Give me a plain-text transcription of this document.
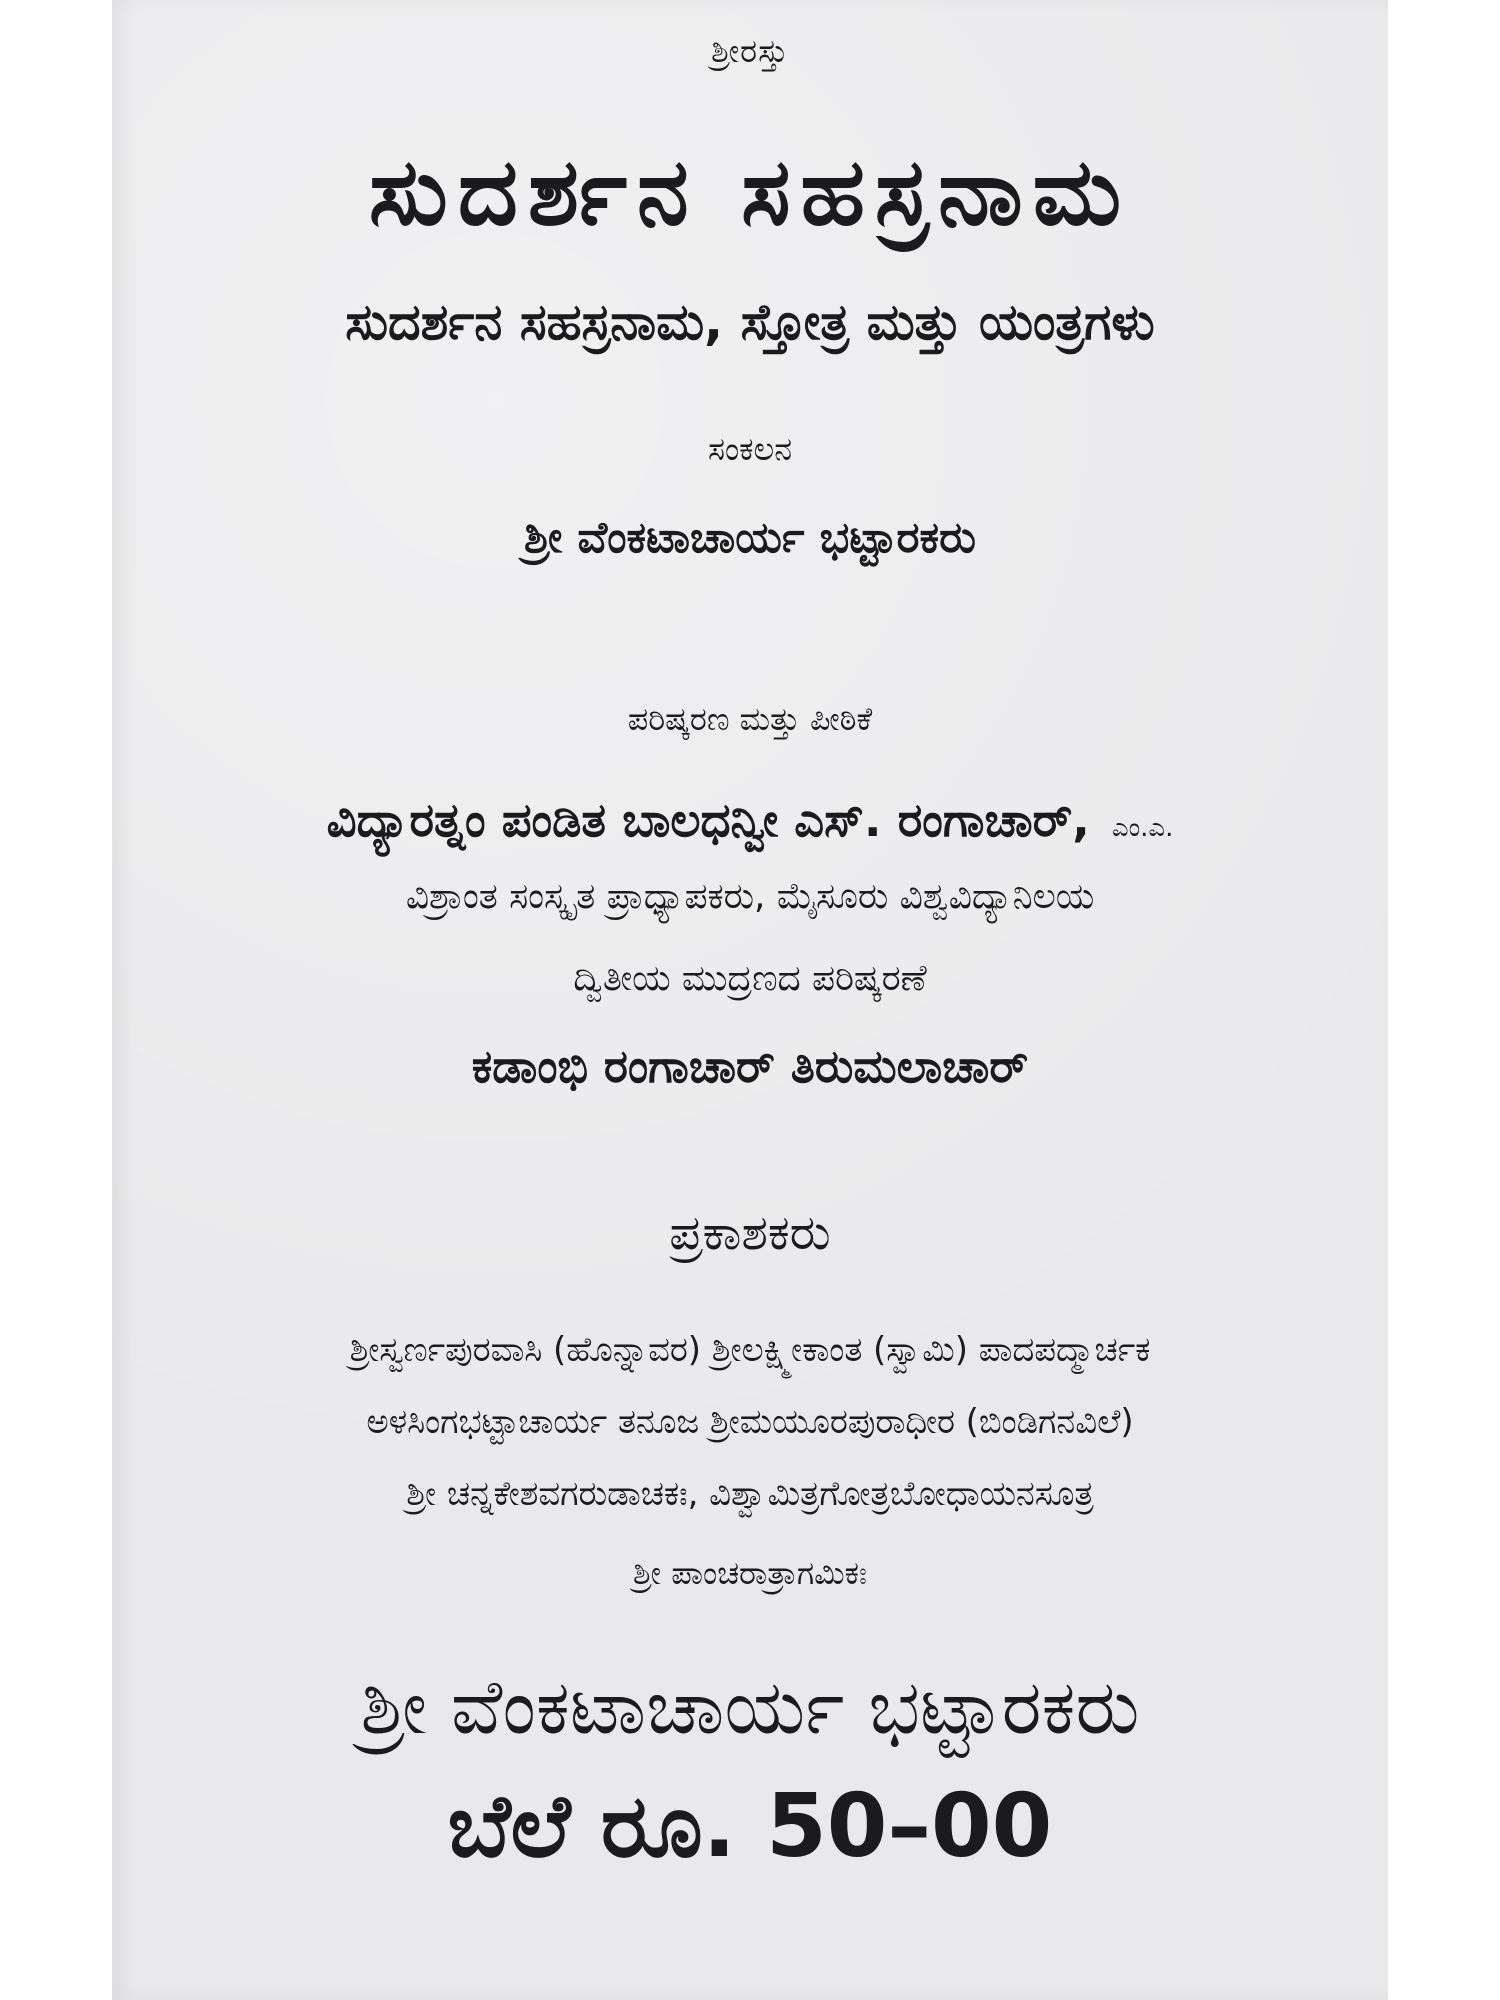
ಶ್ರೀರಸ್ತು
ಸುದರ್ಶನ ಸಹಸ್ರನಾಮ
ಸುದರ್ಶನ ಸಹಸ್ರನಾಮ, ಸ್ತೋತ್ರ ಮತ್ತು ಯಂತ್ರಗಳು
ಸಂಕಲನ
ಶ್ರೀ ವೆಂಕಟಾಚಾರ್ಯ ಭಟ್ಟಾರಕರು
ಪರಿಷ್ಕರಣ ಮತ್ತು ಪೀಠಿಕೆ
ವಿದ್ಯಾರತ್ನಂ ಪಂಡಿತ ಬಾಲಧನ್ವೀ ಎಸ್. ರಂಗಾಚಾರ್, ಎಂ.ಎ.
ವಿಶ್ರಾಂತ ಸಂಸ್ಕೃತ ಪ್ರಾಧ್ಯಾಪಕರು, ಮೈಸೂರು ವಿಶ್ವವಿದ್ಯಾನಿಲಯ
ದ್ವಿತೀಯ ಮುದ್ರಣದ ಪರಿಷ್ಕರಣೆ
ಕಡಾಂಭಿ ರಂಗಾಚಾರ್ ತಿರುಮಲಾಚಾರ್
ಪ್ರಕಾಶಕರು
ಶ್ರೀಸ್ವರ್ಣಪುರವಾಸಿ (ಹೊನ್ನಾವರ) ಶ್ರೀಲಕ್ಷ್ಮೀಕಾಂತ (ಸ್ವಾಮಿ) ಪಾದಪದ್ಮಾರ್ಚಕ
ಅಳಸಿಂಗಭಟ್ಟಾಚಾರ್ಯ ತನೂಜ ಶ್ರೀಮಯೂರಪುರಾಧೀರ (ಬಿಂಡಿಗನವಿಲೆ)
ಶ್ರೀ ಚನ್ನಕೇಶವಗರುಡಾಚಕಃ, ವಿಶ್ವಾಮಿತ್ರಗೋತ್ರಬೋಧಾಯನಸೂತ್ರ
ಶ್ರೀ ಪಾಂಚರಾತ್ರಾಗಮಿಕಃ
ಶ್ರೀ ವೆಂಕಟಾಚಾರ್ಯ ಭಟ್ಟಾರಕರು
ಬೆಲೆ ರೂ. 50–00
